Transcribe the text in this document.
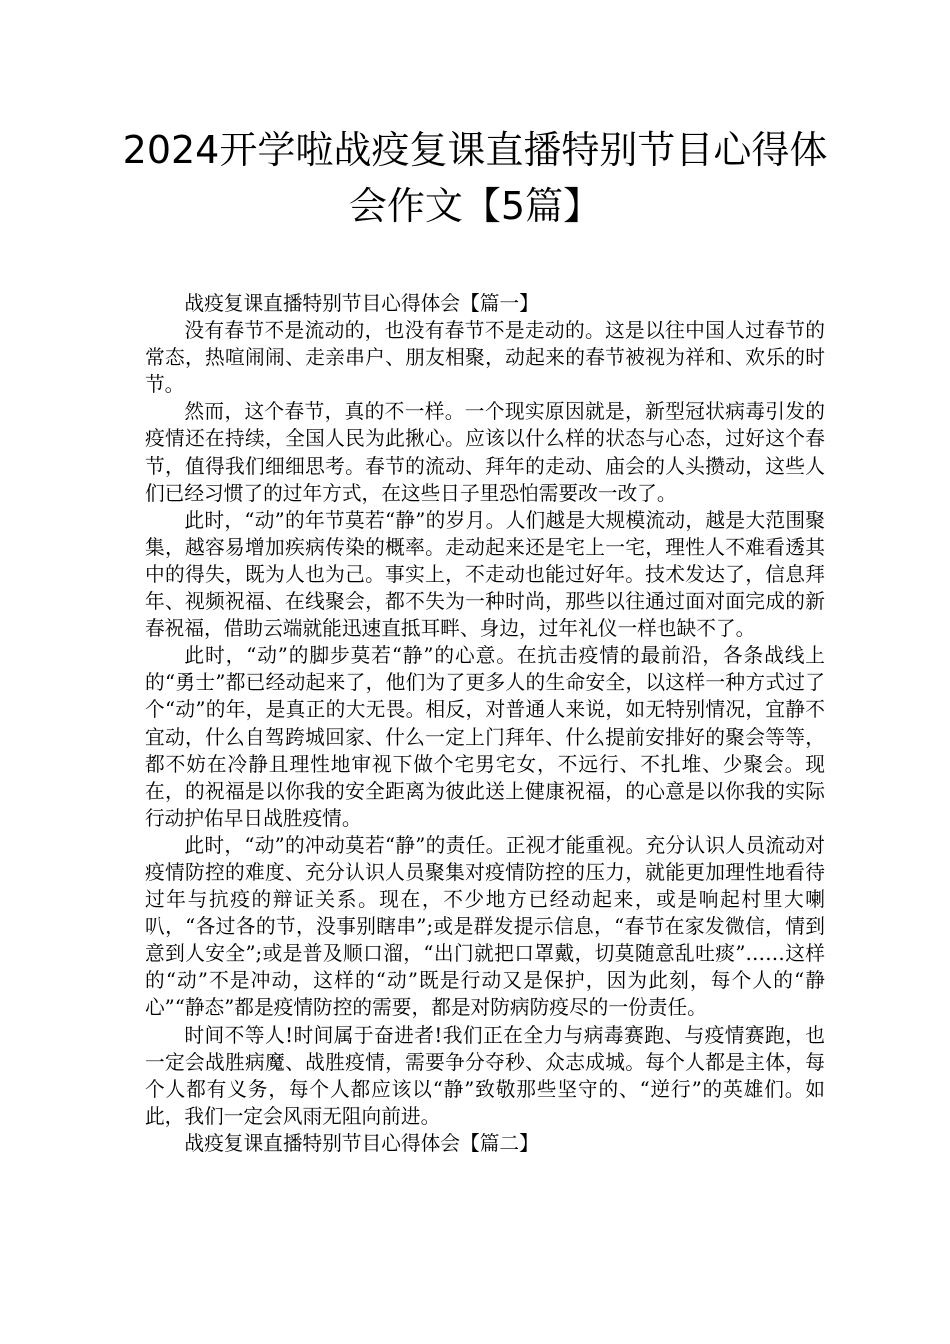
2024开学啦战疫复课直播特别节目心得体会作文【5篇】

战疫复课直播特别节目心得体会【篇一】

没有春节不是流动的，也没有春节不是走动的。这是以往中国人过春节的常态，热喧闹闹、走亲串户、朋友相聚，动起来的春节被视为祥和、欢乐的时节。

然而，这个春节，真的不一样。一个现实原因就是，新型冠状病毒引发的疫情还在持续，全国人民为此揪心。应该以什么样的状态与心态，过好这个春节，值得我们细细思考。春节的流动、拜年的走动、庙会的人头攒动，这些人们已经习惯了的过年方式，在这些日子里恐怕需要改一改了。

此时，“动”的年节莫若“静”的岁月。人们越是大规模流动，越是大范围聚集，越容易增加疾病传染的概率。走动起来还是宅上一宅，理性人不难看透其中的得失，既为人也为己。事实上，不走动也能过好年。技术发达了，信息拜年、视频祝福、在线聚会，都不失为一种时尚，那些以往通过面对面完成的新春祝福，借助云端就能迅速直抵耳畔、身边，过年礼仪一样也缺不了。

此时，“动”的脚步莫若“静”的心意。在抗击疫情的最前沿，各条战线上的“勇士”都已经动起来了，他们为了更多人的生命安全，以这样一种方式过了个“动”的年，是真正的大无畏。相反，对普通人来说，如无特别情况，宜静不宜动，什么自驾跨城回家、什么一定上门拜年、什么提前安排好的聚会等等，都不妨在冷静且理性地审视下做个宅男宅女，不远行、不扎堆、少聚会。现在，的祝福是以你我的安全距离为彼此送上健康祝福，的心意是以你我的实际行动护佑早日战胜疫情。

此时，“动”的冲动莫若“静”的责任。正视才能重视。充分认识人员流动对疫情防控的难度、充分认识人员聚集对疫情防控的压力，就能更加理性地看待过年与抗疫的辩证关系。现在，不少地方已经动起来，或是响起村里大喇叭，“各过各的节，没事别瞎串”;或是群发提示信息，“春节在家发微信，情到意到人安全”;或是普及顺口溜，“出门就把口罩戴，切莫随意乱吐痰”……这样的“动”不是冲动，这样的“动”既是行动又是保护，因为此刻，每个人的“静心”“静态”都是疫情防控的需要，都是对防病防疫尽的一份责任。

时间不等人!时间属于奋进者!我们正在全力与病毒赛跑、与疫情赛跑，也一定会战胜病魔、战胜疫情，需要争分夺秒、众志成城。每个人都是主体，每个人都有义务，每个人都应该以“静”致敬那些坚守的、“逆行”的英雄们。如此，我们一定会风雨无阻向前进。

战疫复课直播特别节目心得体会【篇二】
